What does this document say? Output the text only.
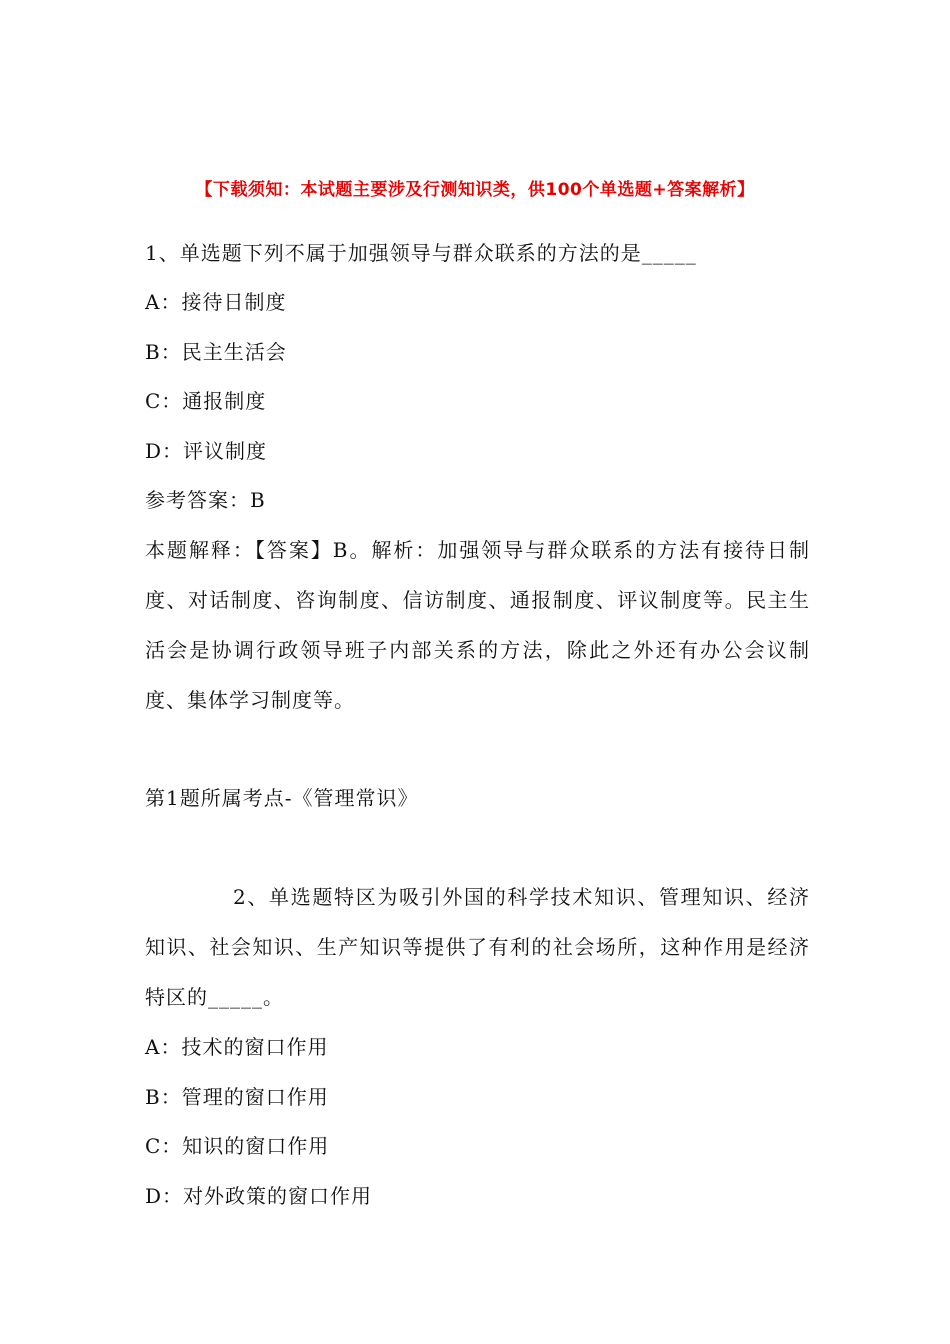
【下载须知：本试题主要涉及行测知识类，供100个单选题+答案解析】
1、单选题下列不属于加强领导与群众联系的方法的是_____
A：接待日制度
B：民主生活会
C：通报制度
D：评议制度
参考答案：B
本题解释：【答案】B。解析：加强领导与群众联系的方法有接待日制度、对话制度、咨询制度、信访制度、通报制度、评议制度等。民主生活会是协调行政领导班子内部关系的方法，除此之外还有办公会议制度、集体学习制度等。
第1题所属考点-《管理常识》
2、单选题特区为吸引外国的科学技术知识、管理知识、经济知识、社会知识、生产知识等提供了有利的社会场所，这种作用是经济特区的_____。
A：技术的窗口作用
B：管理的窗口作用
C：知识的窗口作用
D：对外政策的窗口作用
